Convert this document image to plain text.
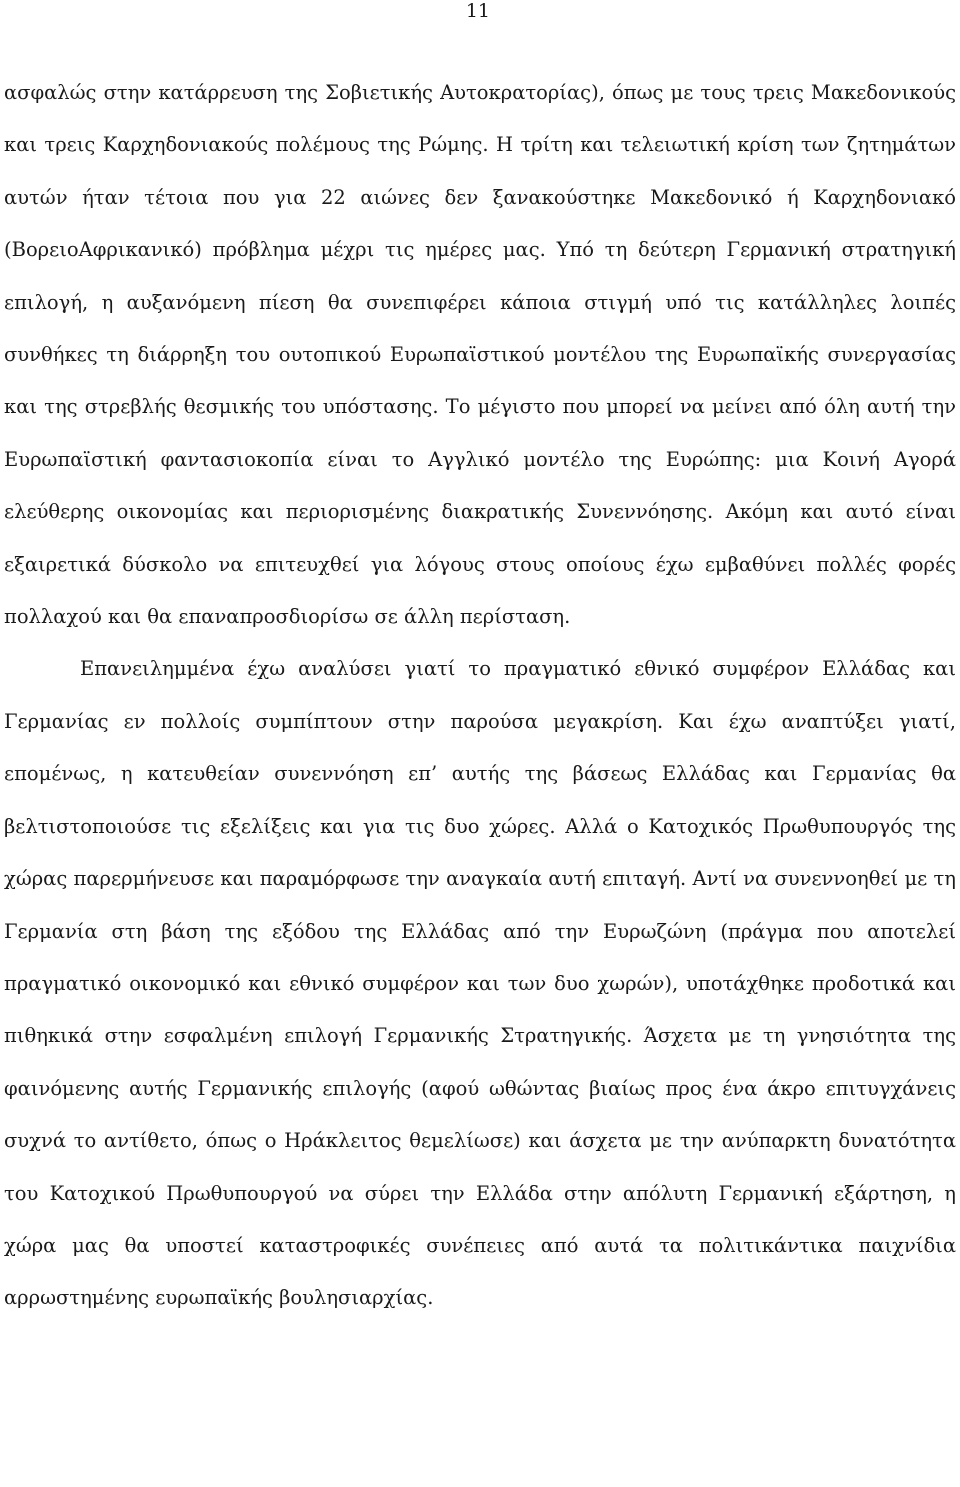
11

ασφαλώς στην κατάρρευση της Σοβιετικής Αυτοκρατορίας), όπως με τους τρεις Μακεδονικούς και τρεις Καρχηδονιακούς πολέμους της Ρώμης. Η τρίτη και τελειωτική κρίση των ζητημάτων αυτών ήταν τέτοια που για 22 αιώνες δεν ξανακούστηκε Μακεδονικό ή Καρχηδονιακό (ΒορειοΑφρικανικό) πρόβλημα μέχρι τις ημέρες μας. Υπό τη δεύτερη Γερμανική στρατηγική επιλογή, η αυξανόμενη πίεση θα συνεπιφέρει κάποια στιγμή υπό τις κατάλληλες λοιπές συνθήκες τη διάρρηξη του ουτοπικού Ευρωπαϊστικού μοντέλου της Ευρωπαϊκής συνεργασίας και της στρεβλής θεσμικής του υπόστασης. Το μέγιστο που μπορεί να μείνει από όλη αυτή την Ευρωπαϊστική φαντασιοκοπία είναι το Αγγλικό μοντέλο της Ευρώπης: μια Κοινή Αγορά ελεύθερης οικονομίας και περιορισμένης διακρατικής Συνεννόησης. Ακόμη και αυτό είναι εξαιρετικά δύσκολο να επιτευχθεί για λόγους στους οποίους έχω εμβαθύνει πολλές φορές πολλαχού και θα επαναπροσδιορίσω σε άλλη περίσταση.

Επανειλημμένα έχω αναλύσει γιατί το πραγματικό εθνικό συμφέρον Ελλάδας και Γερμανίας εν πολλοίς συμπίπτουν στην παρούσα μεγακρίση. Και έχω αναπτύξει γιατί, επομένως, η κατευθείαν συνεννόηση επ’ αυτής της βάσεως Ελλάδας και Γερμανίας θα βελτιστοποιούσε τις εξελίξεις και για τις δυο χώρες. Αλλά ο Κατοχικός Πρωθυπουργός της χώρας παρερμήνευσε και παραμόρφωσε την αναγκαία αυτή επιταγή. Αντί να συνεννοηθεί με τη Γερμανία στη βάση της εξόδου της Ελλάδας από την Ευρωζώνη (πράγμα που αποτελεί πραγματικό οικονομικό και εθνικό συμφέρον και των δυο χωρών), υποτάχθηκε προδοτικά και πιθηκικά στην εσφαλμένη επιλογή Γερμανικής Στρατηγικής. Άσχετα με τη γνησιότητα της φαινόμενης αυτής Γερμανικής επιλογής (αφού ωθώντας βιαίως προς ένα άκρο επιτυγχάνεις συχνά το αντίθετο, όπως ο Ηράκλειτος θεμελίωσε) και άσχετα με την ανύπαρκτη δυνατότητα του Κατοχικού Πρωθυπουργού να σύρει την Ελλάδα στην απόλυτη Γερμανική εξάρτηση, η χώρα μας θα υποστεί καταστροφικές συνέπειες από αυτά τα πολιτικάντικα παιχνίδια αρρωστημένης ευρωπαϊκής βουλησιαρχίας.
